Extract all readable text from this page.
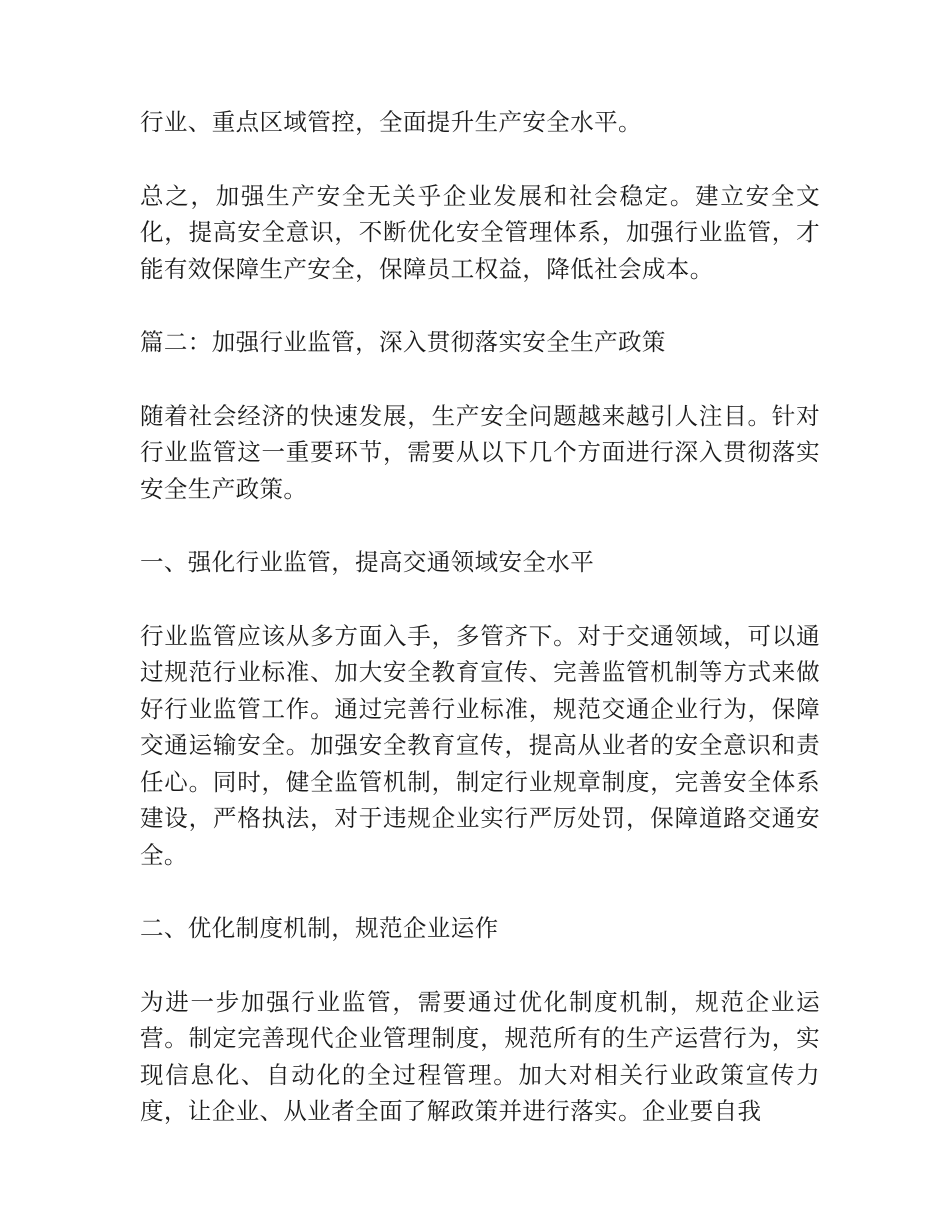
行业、重点区域管控，全面提升生产安全水平。

总之，加强生产安全无关乎企业发展和社会稳定。建立安全文化，提高安全意识，不断优化安全管理体系，加强行业监管，才能有效保障生产安全，保障员工权益，降低社会成本。

篇二：加强行业监管，深入贯彻落实安全生产政策

随着社会经济的快速发展，生产安全问题越来越引人注目。针对行业监管这一重要环节，需要从以下几个方面进行深入贯彻落实安全生产政策。

一、强化行业监管，提高交通领域安全水平

行业监管应该从多方面入手，多管齐下。对于交通领域，可以通过规范行业标准、加大安全教育宣传、完善监管机制等方式来做好行业监管工作。通过完善行业标准，规范交通企业行为，保障交通运输安全。加强安全教育宣传，提高从业者的安全意识和责任心。同时，健全监管机制，制定行业规章制度，完善安全体系建设，严格执法，对于违规企业实行严厉处罚，保障道路交通安全。

二、优化制度机制，规范企业运作

为进一步加强行业监管，需要通过优化制度机制，规范企业运营。制定完善现代企业管理制度，规范所有的生产运营行为，实现信息化、自动化的全过程管理。加大对相关行业政策宣传力度，让企业、从业者全面了解政策并进行落实。企业要自我
